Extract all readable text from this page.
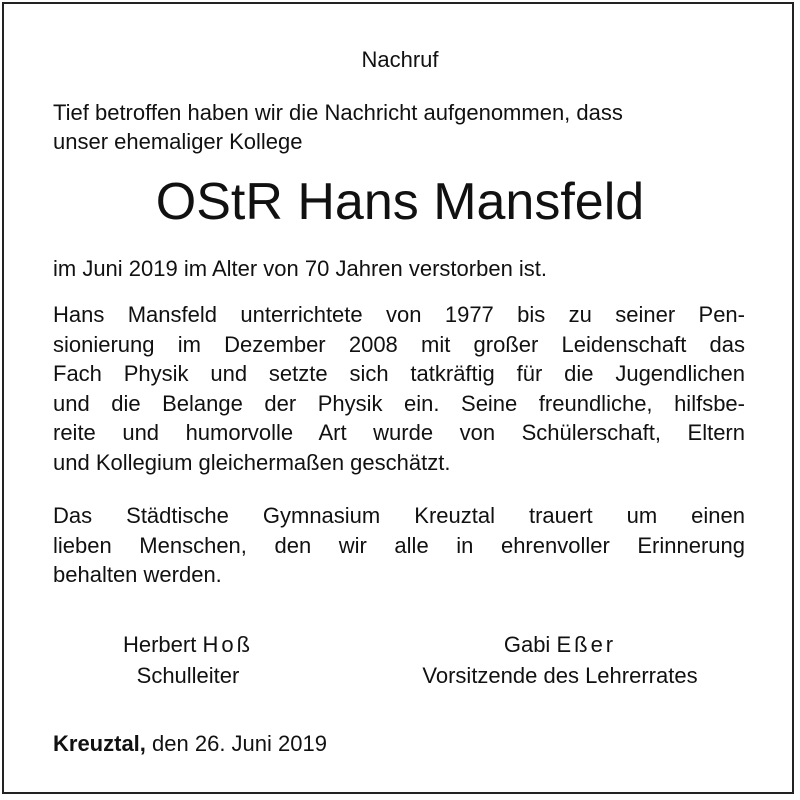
Nachruf
Tief betroffen haben wir die Nachricht aufgenommen, dass
unser ehemaliger Kollege
OStR Hans Mansfeld
im Juni 2019 im Alter von 70 Jahren verstorben ist.
Hans Mansfeld unterrichtete von 1977 bis zu seiner Pen-
sionierung im Dezember 2008 mit großer Leidenschaft das
Fach Physik und setzte sich tatkräftig für die Jugendlichen
und die Belange der Physik ein. Seine freundliche, hilfsbe-
reite und humorvolle Art wurde von Schülerschaft, Eltern
und Kollegium gleichermaßen geschätzt.
Das Städtische Gymnasium Kreuztal trauert um einen
lieben Menschen, den wir alle in ehrenvoller Erinnerung
behalten werden.
Herbert Hoß
Schulleiter
Gabi Eßer
Vorsitzende des Lehrerrates
Kreuztal, den 26. Juni 2019
